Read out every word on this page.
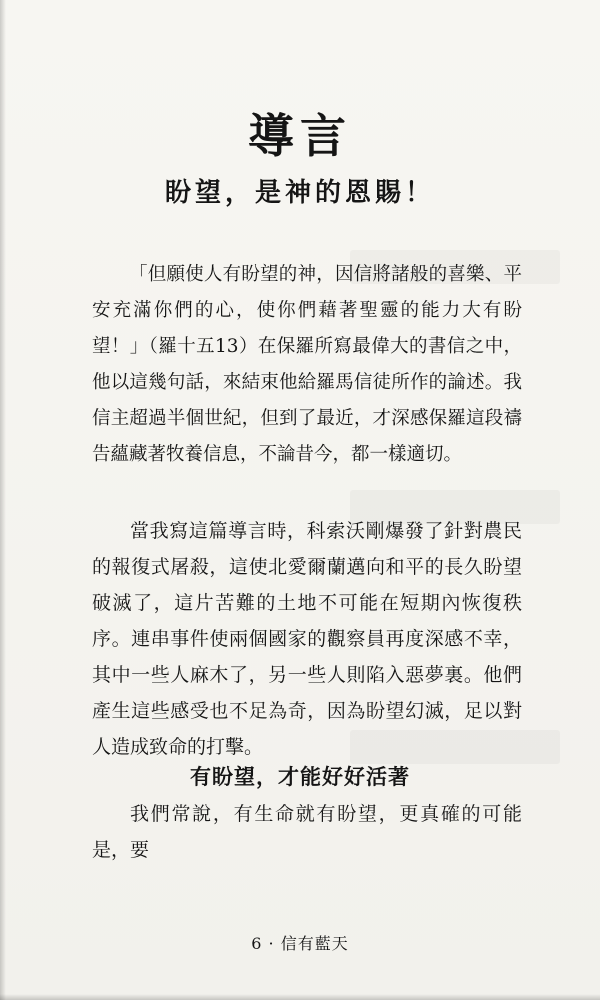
導言
盼望，是神的恩賜！

「但願使人有盼望的神，因信將諸般的喜樂、平安充滿你們的心，使你們藉著聖靈的能力大有盼望！」（羅十五13）在保羅所寫最偉大的書信之中，他以這幾句話，來結束他給羅馬信徒所作的論述。我信主超過半個世紀，但到了最近，才深感保羅這段禱告蘊藏著牧養信息，不論昔今，都一樣適切。

當我寫這篇導言時，科索沃剛爆發了針對農民的報復式屠殺，這使北愛爾蘭邁向和平的長久盼望破滅了，這片苦難的土地不可能在短期內恢復秩序。連串事件使兩個國家的觀察員再度深感不幸，其中一些人麻木了，另一些人則陷入惡夢裏。他們產生這些感受也不足為奇，因為盼望幻滅，足以對人造成致命的打擊。

有盼望，才能好好活著

我們常說，有生命就有盼望，更真確的可能是，要

6 · 信有藍天
